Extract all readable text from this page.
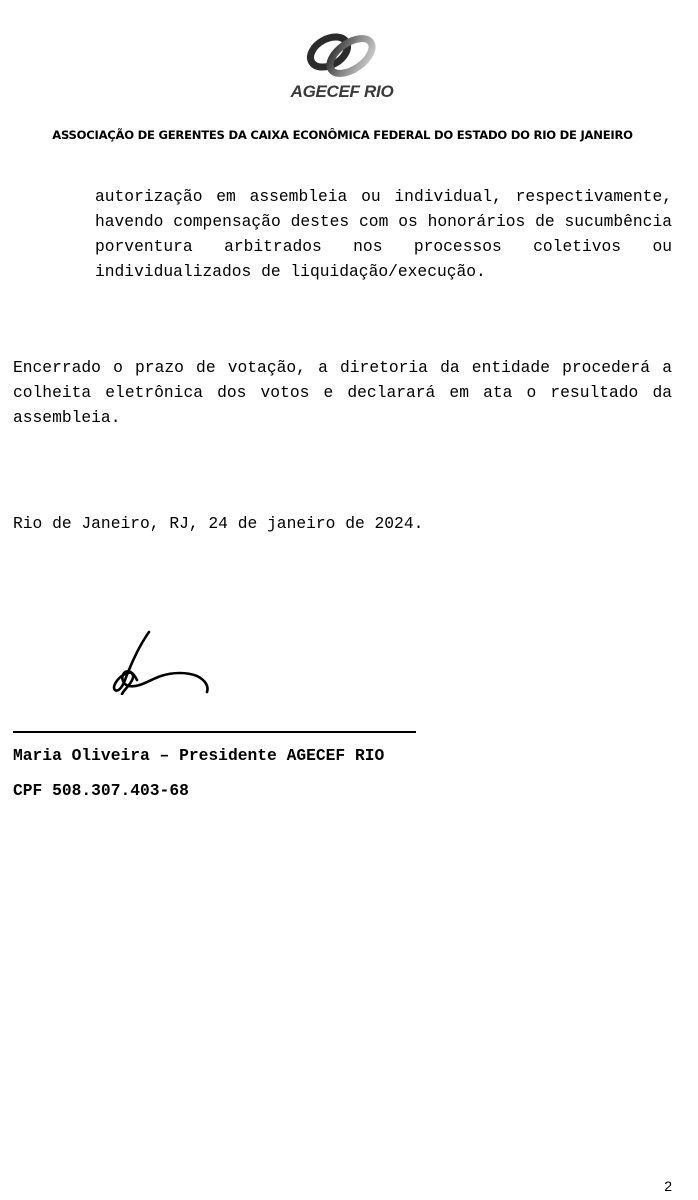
AGECEF RIO
ASSOCIAÇÃO DE GERENTES DA CAIXA ECONÔMICA FEDERAL DO ESTADO DO RIO DE JANEIRO

autorização em assembleia ou individual, respectivamente, havendo compensação destes com os honorários de sucumbência porventura arbitrados nos processos coletivos ou individualizados de liquidação/execução.

Encerrado o prazo de votação, a diretoria da entidade procederá a colheita eletrônica dos votos e declarará em ata o resultado da assembleia.

Rio de Janeiro, RJ, 24 de janeiro de 2024.
Maria Oliveira – Presidente AGECEF RIO
CPF 508.307.403-68
2
